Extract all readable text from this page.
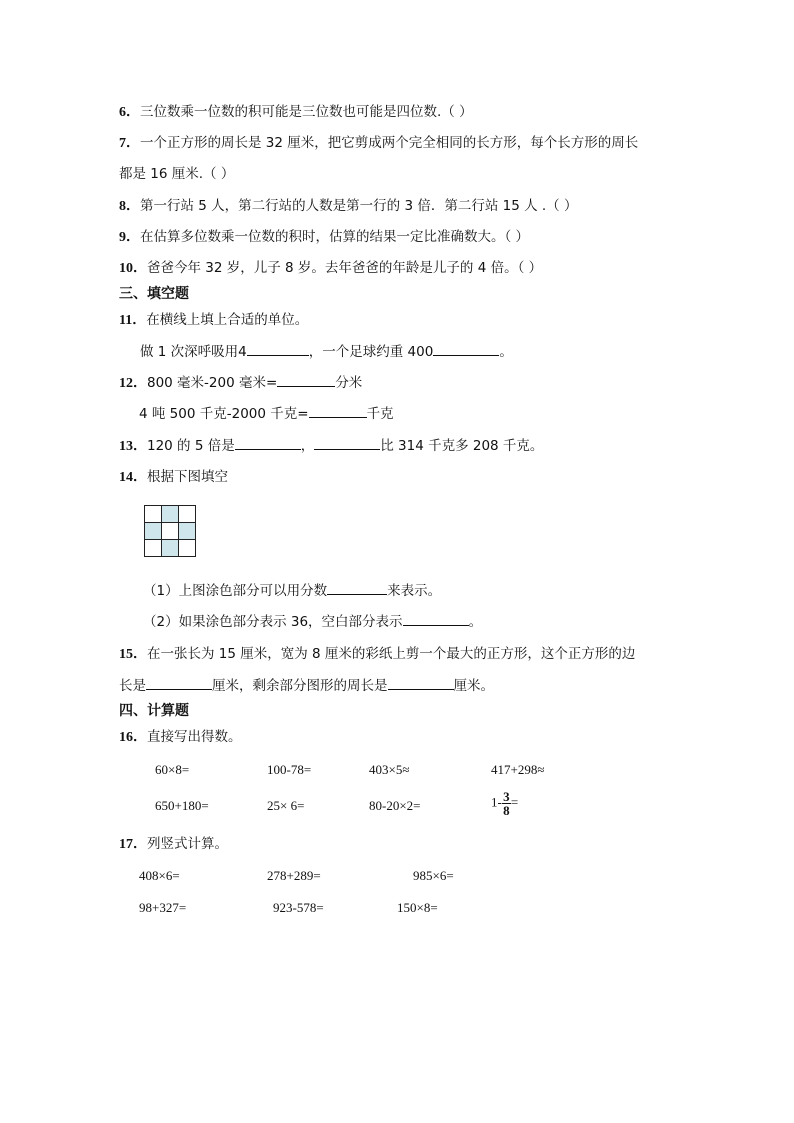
6．三位数乘一位数的积可能是三位数也可能是四位数.（ ）
7．一个正方形的周长是 32 厘米，把它剪成两个完全相同的长方形，每个长方形的周长
都是 16 厘米.（ ）
8．第一行站 5 人，第二行站的人数是第一行的 3 倍．第二行站 15 人 .（ ）
9．在估算多位数乘一位数的积时，估算的结果一定比准确数大。（ ）
10．爸爸今年 32 岁，儿子 8 岁。去年爸爸的年龄是儿子的 4 倍。（ ）
三、填空题
11．在横线上填上合适的单位。
做 1 次深呼吸用4	，一个足球约重 400	。
12．800 毫米-200 毫米=	分米
4 吨 500 千克-2000 千克=	千克
13．120 的 5 倍是	，	比 314 千克多 208 千克。
14．根据下图填空

（1）上图涂色部分可以用分数	来表示。
（2）如果涂色部分表示 36，空白部分表示	。
15．在一张长为 15 厘米，宽为 8 厘米的彩纸上剪一个最大的正方形，这个正方形的边
长是	厘米，剩余部分图形的周长是	厘米。
四、计算题
16．直接写出得数。
60×8=	100-78=	403×5≈	417+298≈
650+180=	25× 6=	80-20×2=	$1- \frac{3}{8}$ =
17．列竖式计算。
408×6=	278+289=	985×6=
98+327=	923-578=	150×8=
